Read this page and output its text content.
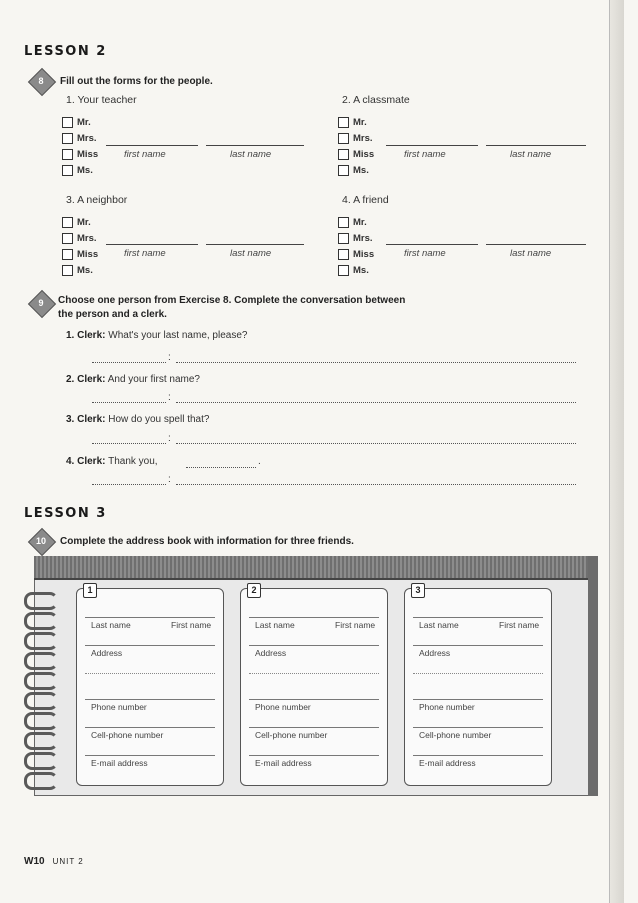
LESSON 2
8	Fill out the forms for the people.
1. Your teacher
Mr.
Mrs.
Miss
Ms.
first name	last name
2. A classmate
Mr.
Mrs.
Miss
Ms.
first name	last name
3. A neighbor
Mr.
Mrs.
Miss
Ms.
first name	last name
4. A friend
Mr.
Mrs.
Miss
Ms.
first name	last name
9	Choose one person from Exercise 8. Complete the conversation between
the person and a clerk.
1. Clerk: What's your last name, please?
:
2. Clerk: And your first name?
:
3. Clerk: How do you spell that?
:
4. Clerk: Thank you,	.
:
LESSON 3
10	Complete the address book with information for three friends.
1
Last name	First name
Address
Phone number
Cell-phone number
E-mail address
2
Last name	First name
Address
Phone number
Cell-phone number
E-mail address
3
Last name	First name
Address
Phone number
Cell-phone number
E-mail address
W10 UNIT 2
